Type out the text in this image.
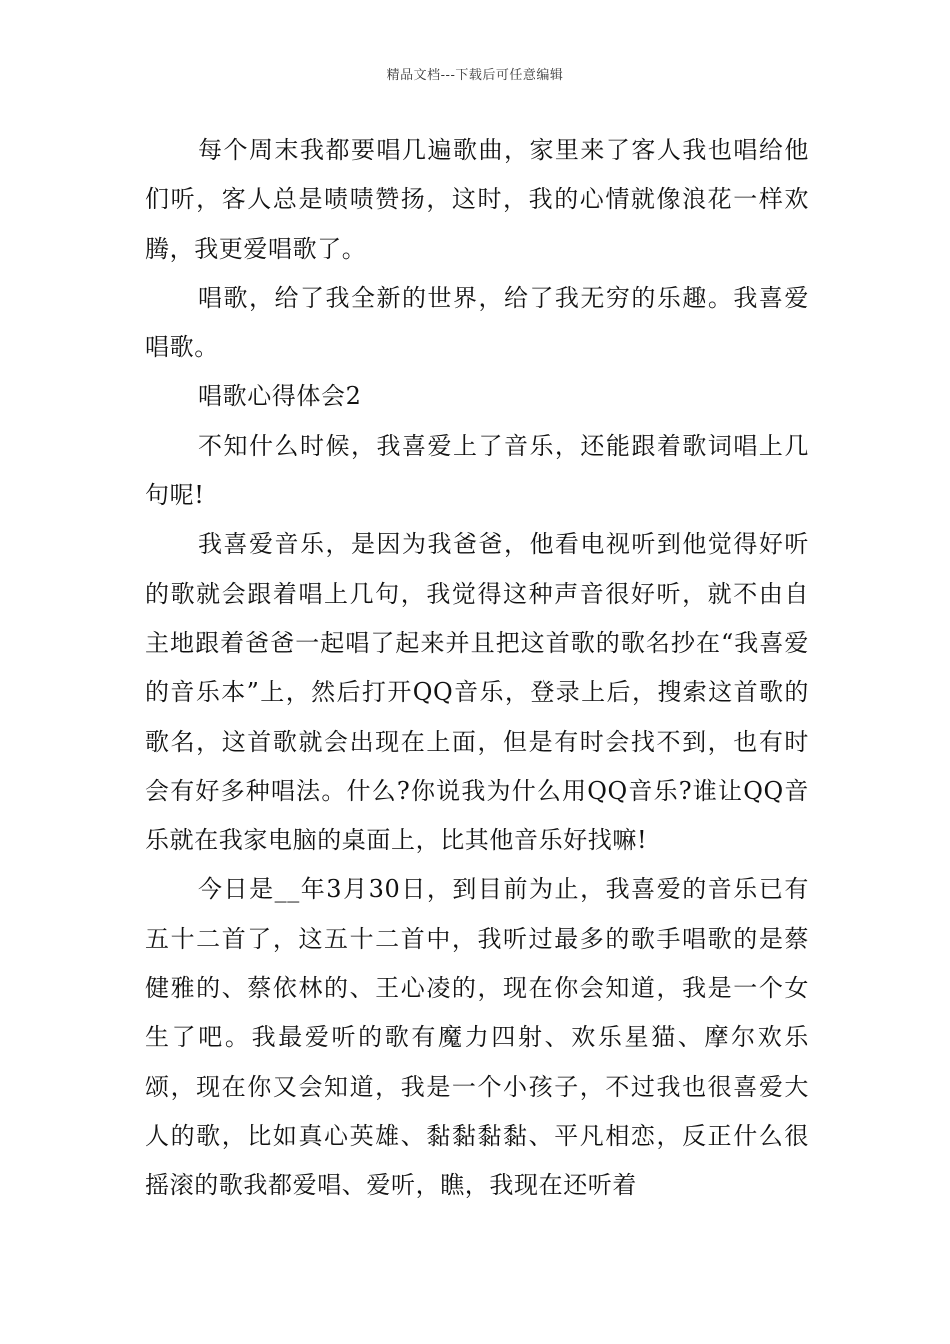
精品文档---下载后可任意编辑

每个周末我都要唱几遍歌曲，家里来了客人我也唱给他们听，客人总是啧啧赞扬，这时，我的心情就像浪花一样欢腾，我更爱唱歌了。

唱歌，给了我全新的世界，给了我无穷的乐趣。我喜爱唱歌。

唱歌心得体会2

不知什么时候，我喜爱上了音乐，还能跟着歌词唱上几句呢!

我喜爱音乐，是因为我爸爸，他看电视听到他觉得好听的歌就会跟着唱上几句，我觉得这种声音很好听，就不由自主地跟着爸爸一起唱了起来并且把这首歌的歌名抄在“我喜爱的音乐本”上，然后打开QQ音乐，登录上后，搜索这首歌的歌名，这首歌就会出现在上面，但是有时会找不到，也有时会有好多种唱法。什么?你说我为什么用QQ音乐?谁让QQ音乐就在我家电脑的桌面上，比其他音乐好找嘛!

今日是__年3月30日，到目前为止，我喜爱的音乐已有五十二首了，这五十二首中，我听过最多的歌手唱歌的是蔡健雅的、蔡依林的、王心凌的，现在你会知道，我是一个女生了吧。我最爱听的歌有魔力四射、欢乐星猫、摩尔欢乐颂，现在你又会知道，我是一个小孩子，不过我也很喜爱大人的歌，比如真心英雄、黏黏黏黏、平凡相恋，反正什么很摇滚的歌我都爱唱、爱听，瞧，我现在还听着
